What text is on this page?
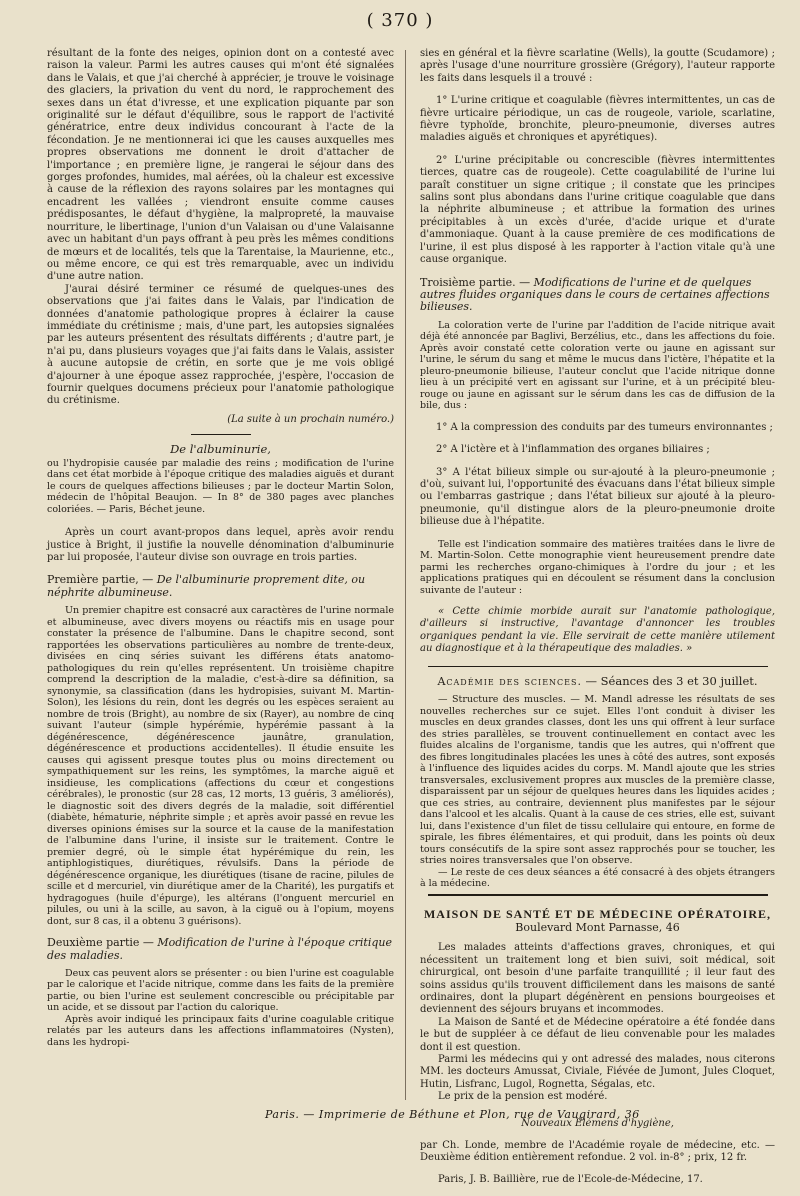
( 370 )

résultant de la fonte des neiges, opinion dont on a contesté avec raison la valeur. Parmi les autres causes qui m'ont été signalées dans le Valais, et que j'ai cherché à apprécier, je trouve le voisinage des glaciers, la privation du vent du nord, le rapprochement des sexes dans un état d'ivresse, et une explication piquante par son originalité sur le défaut d'équilibre, sous le rapport de l'activité génératrice, entre deux individus concourant à l'acte de la fécondation. Je ne mentionnerai ici que les causes auxquelles mes propres observations me donnent le droit d'attacher de l'importance ; en première ligne, je rangerai le séjour dans des gorges profondes, humides, mal aérées, où la chaleur est excessive à cause de la réflexion des rayons solaires par les montagnes qui encadrent les vallées ; viendront ensuite comme causes prédisposantes, le défaut d'hygiène, la malpropreté, la mauvaise nourriture, le libertinage, l'union d'un Valaisan ou d'une Valaisanne avec un habitant d'un pays offrant à peu près les mêmes conditions de mœurs et de localités, tels que la Tarentaise, la Maurienne, etc., ou même encore, ce qui est très remarquable, avec un individu d'une autre nation.

J'aurai désiré terminer ce résumé de quelques-unes des observations que j'ai faites dans le Valais, par l'indication de données d'anatomie pathologique propres à éclairer la cause immédiate du crétinisme ; mais, d'une part, les autopsies signalées par les auteurs présentent des résultats différents ; d'autre part, je n'ai pu, dans plusieurs voyages que j'ai faits dans le Valais, assister à aucune autopsie de crétin, en sorte que je me vois obligé d'ajourner à une époque assez rapprochée, j'espère, l'occasion de fournir quelques documens précieux pour l'anatomie pathologique du crétinisme.

(La suite à un prochain numéro.)
De l'albuminurie,

ou l'hydropisie causée par maladie des reins ; modification de l'urine dans cet état morbide à l'époque critique des maladies aiguës et durant le cours de quelques affections bilieuses ; par le docteur Martin Solon, médecin de l'hôpital Beaujon. — In 8° de 380 pages avec planches coloriées. — Paris, Béchet jeune.

Après un court avant-propos dans lequel, après avoir rendu justice à Bright, il justifie la nouvelle dénomination d'albuminurie par lui proposée, l'auteur divise son ouvrage en trois parties.

Première partie, — De l'albuminurie proprement dite, ou néphrite albumineuse.

Un premier chapitre est consacré aux caractères de l'urine normale et albumineuse, avec divers moyens ou réactifs mis en usage pour constater la présence de l'albumine. Dans le chapitre second, sont rapportées les observations particulières au nombre de trente-deux, divisées en cinq séries suivant les différens états anatomo-pathologiques du rein qu'elles représentent. Un troisième chapitre comprend la description de la maladie, c'est-à-dire sa définition, sa synonymie, sa classification (dans les hydropisies, suivant M. Martin-Solon), les lésions du rein, dont les degrés ou les espèces seraient au nombre de trois (Bright), au nombre de six (Rayer), au nombre de cinq suivant l'auteur (simple hypérémie, hypérémie passant à la dégénérescence, dégénérescence jaunâtre, granulation, dégénérescence et productions accidentelles). Il étudie ensuite les causes qui agissent presque toutes plus ou moins directement ou sympathiquement sur les reins, les symptômes, la marche aiguë et insidieuse, les complications (affections du cœur et congestions cérébrales), le pronostic (sur 28 cas, 12 morts, 13 guéris, 3 améliorés), le diagnostic soit des divers degrés de la maladie, soit différentiel (diabète, hématurie, néphrite simple ; et après avoir passé en revue les diverses opinions émises sur la source et la cause de la manifestation de l'albumine dans l'urine, il insiste sur le traitement. Contre le premier degré, où le simple état hypérémique du rein, les antiphlogistiques, diurétiques, révulsifs. Dans la période de dégénérescence organique, les diurétiques (tisane de racine, pilules de scille et d mercuriel, vin diurétique amer de la Charité), les purgatifs et hydragogues (huile d'épurge), les altérans (l'onguent mercuriel en pilules, ou uni à la scille, au savon, à la ciguë ou à l'opium, moyens dont, sur 8 cas, il a obtenu 3 guérisons).

Deuxième partie — Modification de l'urine à l'époque critique des maladies.

Deux cas peuvent alors se présenter : ou bien l'urine est coagulable par le calorique et l'acide nitrique, comme dans les faits de la première partie, ou bien l'urine est seulement concrescible ou précipitable par un acide, et se dissout par l'action du calorique.

Après avoir indiqué les principaux faits d'urine coagulable critique relatés par les auteurs dans les affections inflammatoires (Nysten), dans les hydropi-

sies en général et la fièvre scarlatine (Wells), la goutte (Scudamore) ; après l'usage d'une nourriture grossière (Grégory), l'auteur rapporte les faits dans lesquels il a trouvé :

1° L'urine critique et coagulable (fièvres intermittentes, un cas de fièvre urticaire périodique, un cas de rougeole, variole, scarlatine, fièvre typhoïde, bronchite, pleuro-pneumonie, diverses autres maladies aiguës et chroniques et apyrétiques).

2° L'urine précipitable ou concrescible (fièvres intermittentes tierces, quatre cas de rougeole). Cette coagulabilité de l'urine lui paraît constituer un signe critique ; il constate que les principes salins sont plus abondans dans l'urine critique coagulable que dans la néphrite albumineuse ; et attribue la formation des urines précipitables à un excès d'urée, d'acide urique et d'urate d'ammoniaque. Quant à la cause première de ces modifications de l'urine, il est plus disposé à les rapporter à l'action vitale qu'à une cause organique.

Troisième partie. — Modifications de l'urine et de quelques autres fluides organiques dans le cours de certaines affections bilieuses.

La coloration verte de l'urine par l'addition de l'acide nitrique avait déjà été annoncée par Baglivi, Berzélius, etc., dans les affections du foie. Après avoir constaté cette coloration verte ou jaune en agissant sur l'urine, le sérum du sang et même le mucus dans l'ictère, l'hépatite et la pleuro-pneumonie bilieuse, l'auteur conclut que l'acide nitrique donne lieu à un précipité vert en agissant sur l'urine, et à un précipité bleu-rouge ou jaune en agissant sur le sérum dans les cas de diffusion de la bile, dus :

1° A la compression des conduits par des tumeurs environnantes ;

2° A l'ictère et à l'inflammation des organes biliaires ;

3° A l'état bilieux simple ou sur-ajouté à la pleuro-pneumonie ; d'où, suivant lui, l'opportunité des évacuans dans l'état bilieux simple ou l'embarras gastrique ; dans l'état bilieux sur ajouté à la pleuro-pneumonie, qu'il distingue alors de la pleuro-pneumonie droite bilieuse due à l'hépatite.

Telle est l'indication sommaire des matières traitées dans le livre de M. Martin-Solon. Cette monographie vient heureusement prendre date parmi les recherches organo-chimiques à l'ordre du jour ; et les applications pratiques qui en découlent se résument dans la conclusion suivante de l'auteur :

« Cette chimie morbide aurait sur l'anatomie pathologique, d'ailleurs si instructive, l'avantage d'annoncer les troubles organiques pendant la vie. Elle servirait de cette manière utilement au diagnostique et à la thérapeutique des maladies. »

Académie des sciences. — Séances des 3 et 30 juillet.

— Structure des muscles. — M. Mandl adresse les résultats de ses nouvelles recherches sur ce sujet. Elles l'ont conduit à diviser les muscles en deux grandes classes, dont les uns qui offrent à leur surface des stries parallèles, se trouvent continuellement en contact avec les fluides alcalins de l'organisme, tandis que les autres, qui n'offrent que des fibres longitudinales placées les unes à côté des autres, sont exposés à l'influence des liquides acides du corps. M. Mandl ajoute que les stries transversales, exclusivement propres aux muscles de la première classe, disparaissent par un séjour de quelques heures dans les liquides acides ; que ces stries, au contraire, deviennent plus manifestes par le séjour dans l'alcool et les alcalis. Quant à la cause de ces stries, elle est, suivant lui, dans l'existence d'un filet de tissu cellulaire qui entoure, en forme de spirale, les fibres élémentaires, et qui produit, dans les points où deux tours consécutifs de la spire sont assez rapprochés pour se toucher, les stries noires transversales que l'on observe.

— Le reste de ces deux séances a été consacré à des objets étrangers à la médecine.

MAISON DE SANTÉ ET DE MÉDECINE OPÉRATOIRE,
Boulevard Mont Parnasse, 46

Les malades atteints d'affections graves, chroniques, et qui nécessitent un traitement long et bien suivi, soit médical, soit chirurgical, ont besoin d'une parfaite tranquillité ; il leur faut des soins assidus qu'ils trouvent difficilement dans les maisons de santé ordinaires, dont la plupart dégénèrent en pensions bourgeoises et deviennent des séjours bruyans et incommodes.

La Maison de Santé et de Médecine opératoire a été fondée dans le but de suppléer à ce défaut de lieu convenable pour les malades dont il est question.

Parmi les médecins qui y ont adressé des malades, nous citerons MM. les docteurs Amussat, Civiale, Fiévée de Jumont, Jules Cloquet, Hutin, Lisfranc, Lugol, Rognetta, Ségalas, etc.

Le prix de la pension est modéré.

Nouveaux Élémens d'hygiène,

par Ch. Londe, membre de l'Académie royale de médecine, etc. — Deuxième édition entièrement refondue. 2 vol. in-8° ; prix, 12 fr.

Paris, J. B. Baillière, rue de l'Ecole-de-Médecine, 17.

Paris. — Imprimerie de Béthune et Plon, rue de Vaugirard, 36
